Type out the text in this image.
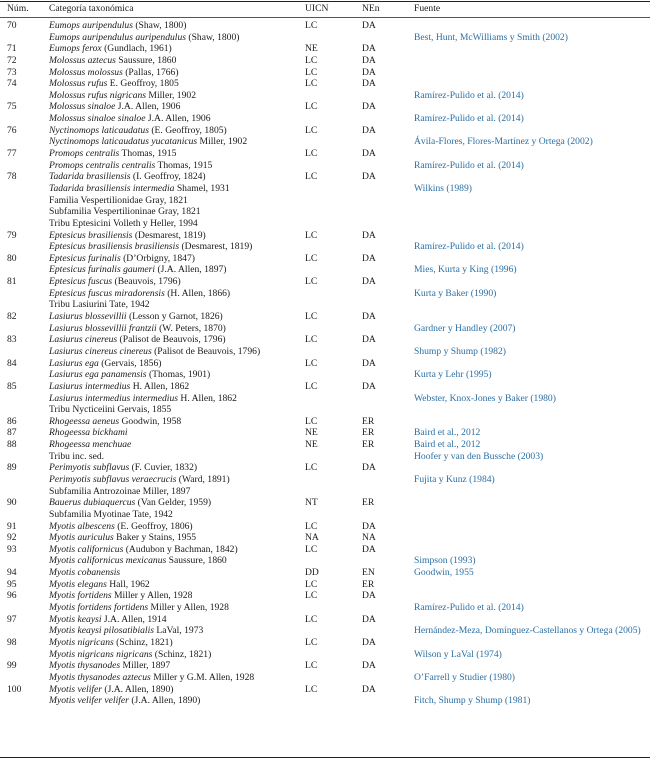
Núm. Categoría taxonómica	UICN	NEn	Fuente
70	Eumops auripendulus (Shaw, 1800)	LC	DA
Eumops auripendulus auripendulus (Shaw, 1800)	Best, Hunt, McWilliams y Smith (2002)
71	Eumops ferox (Gundlach, 1961)	NE	DA
72	Molossus aztecus Saussure, 1860	LC	DA
73	Molossus molossus (Pallas, 1766)	LC	DA
74	Molossus rufus E. Geoffroy, 1805	LC	DA
Molossus rufus nigricans Miller, 1902	Ramírez-Pulido et al. (2014)
75	Molossus sinaloe J.A. Allen, 1906	LC	DA
Molossus sinaloe sinaloe J.A. Allen, 1906	Ramírez-Pulido et al. (2014)
76	Nyctinomops laticaudatus (E. Geoffroy, 1805)	LC	DA
Nyctinomops laticaudatus yucatanicus Miller, 1902	Ávila-Flores, Flores-Martínez y Ortega (2002)
77	Promops centralis Thomas, 1915	LC	DA
Promops centralis centralis Thomas, 1915	Ramírez-Pulido et al. (2014)
78	Tadarida brasiliensis (I. Geoffroy, 1824)	LC	DA
Tadarida brasiliensis intermedia Shamel, 1931	Wilkins (1989)
Familia Vespertilionidae Gray, 1821
Subfamilia Vespertilioninae Gray, 1821
Tribu Eptesicini Volleth y Heller, 1994
79	Eptesicus brasiliensis (Desmarest, 1819)	LC	DA
Eptesicus brasiliensis brasiliensis (Desmarest, 1819)	Ramírez-Pulido et al. (2014)
80	Eptesicus furinalis (D’Orbigny, 1847)	LC	DA
Eptesicus furinalis gaumeri (J.A. Allen, 1897)	Mies, Kurta y King (1996)
81	Eptesicus fuscus (Beauvois, 1796)	LC	DA
Eptesicus fuscus miradorensis (H. Allen, 1866)	Kurta y Baker (1990)
Tribu Lasiurini Tate, 1942
82	Lasiurus blossevillii (Lesson y Garnot, 1826)	LC	DA
Lasiurus blossevillii frantzii (W. Peters, 1870)	Gardner y Handley (2007)
83	Lasiurus cinereus (Palisot de Beauvois, 1796)	LC	DA
Lasiurus cinereus cinereus (Palisot de Beauvois, 1796)	Shump y Shump (1982)
84	Lasiurus ega (Gervais, 1856)	LC	DA
Lasiurus ega panamensis (Thomas, 1901)	Kurta y Lehr (1995)
85	Lasiurus intermedius H. Allen, 1862	LC	DA
Lasiurus intermedius intermedius H. Allen, 1862	Webster, Knox-Jones y Baker (1980)
Tribu Nycticeiini Gervais, 1855
86	Rhogeessa aeneus Goodwin, 1958	LC	ER
87	Rhogeessa bickhami	NE	ER	Baird et al., 2012
88	Rhogeessa menchuae	NE	ER	Baird et al., 2012
Tribu inc. sed.	Hoofer y van den Bussche (2003)
89	Perimyotis subflavus (F. Cuvier, 1832)	LC	DA
Perimyotis subflavus veraecrucis (Ward, 1891)	Fujita y Kunz (1984)
Subfamilia Antrozoinae Miller, 1897
90	Bauerus dubiaquercus (Van Gelder, 1959)	NT	ER
Subfamilia Myotinae Tate, 1942
91	Myotis albescens (E. Geoffroy, 1806)	LC	DA
92	Myotis auriculus Baker y Stains, 1955	NA	NA
93	Myotis californicus (Audubon y Bachman, 1842)	LC	DA
Myotis californicus mexicanus Saussure, 1860	Simpson (1993)
94	Myotis cobanensis	DD	EN	Goodwin, 1955
95	Myotis elegans Hall, 1962	LC	ER
96	Myotis fortidens Miller y Allen, 1928	LC	DA
Myotis fortidens fortidens Miller y Allen, 1928	Ramírez-Pulido et al. (2014)
97	Myotis keaysi J.A. Allen, 1914	LC	DA
Myotis keaysi pilosatibialis LaVal, 1973	Hernández-Meza, Domínguez-Castellanos y Ortega (2005)
98	Myotis nigricans (Schinz, 1821)	LC	DA
Myotis nigricans nigricans (Schinz, 1821)	Wilson y LaVal (1974)
99	Myotis thysanodes Miller, 1897	LC	DA
Myotis thysanodes aztecus Miller y G.M. Allen, 1928	O’Farrell y Studier (1980)
100	Myotis velifer (J.A. Allen, 1890)	LC	DA
Myotis velifer velifer (J.A. Allen, 1890)	Fitch, Shump y Shump (1981)
